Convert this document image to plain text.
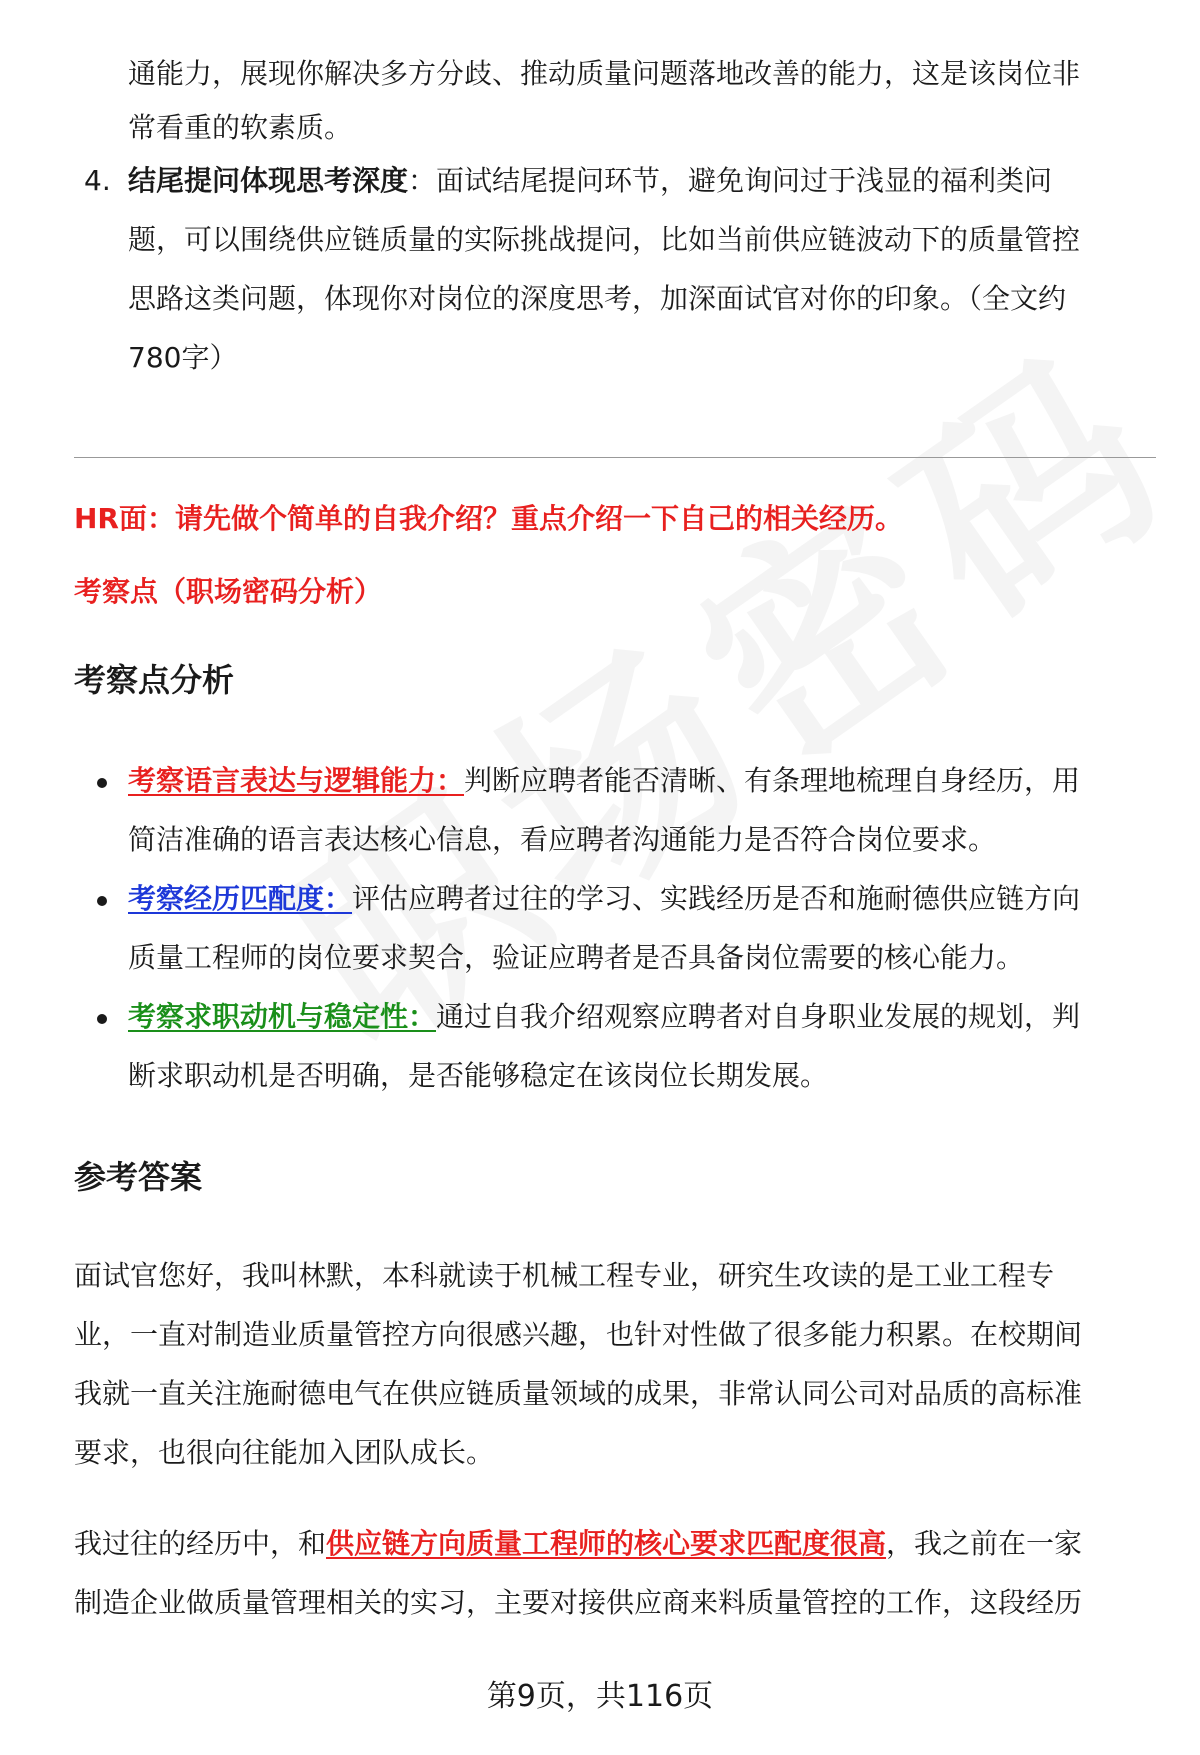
通能力，展现你解决多方分歧、推动质量问题落地改善的能力，这是该岗位非

常看重的软素质。

4. 结尾提问体现思考深度：面试结尾提问环节，避免询问过于浅显的福利类问

题，可以围绕供应链质量的实际挑战提问，比如当前供应链波动下的质量管控

思路这类问题，体现你对岗位的深度思考，加深面试官对你的印象。（全文约

780字）

HR面：请先做个简单的自我介绍？重点介绍一下自己的相关经历。
考察点（职场密码分析）
考察点分析

考察语言表达与逻辑能力：判断应聘者能否清晰、有条理地梳理自身经历，用

简洁准确的语言表达核心信息，看应聘者沟通能力是否符合岗位要求。

考察经历匹配度：评估应聘者过往的学习、实践经历是否和施耐德供应链方向

质量工程师的岗位要求契合，验证应聘者是否具备岗位需要的核心能力。

考察求职动机与稳定性：通过自我介绍观察应聘者对自身职业发展的规划，判

断求职动机是否明确，是否能够稳定在该岗位长期发展。

参考答案

面试官您好，我叫林默，本科就读于机械工程专业，研究生攻读的是工业工程专

业，一直对制造业质量管控方向很感兴趣，也针对性做了很多能力积累。在校期间

我就一直关注施耐德电气在供应链质量领域的成果，非常认同公司对品质的高标准

要求，也很向往能加入团队成长。

我过往的经历中，和供应链方向质量工程师的核心要求匹配度很高，我之前在一家

制造企业做质量管理相关的实习，主要对接供应商来料质量管控的工作，这段经历

第9页，共116页
